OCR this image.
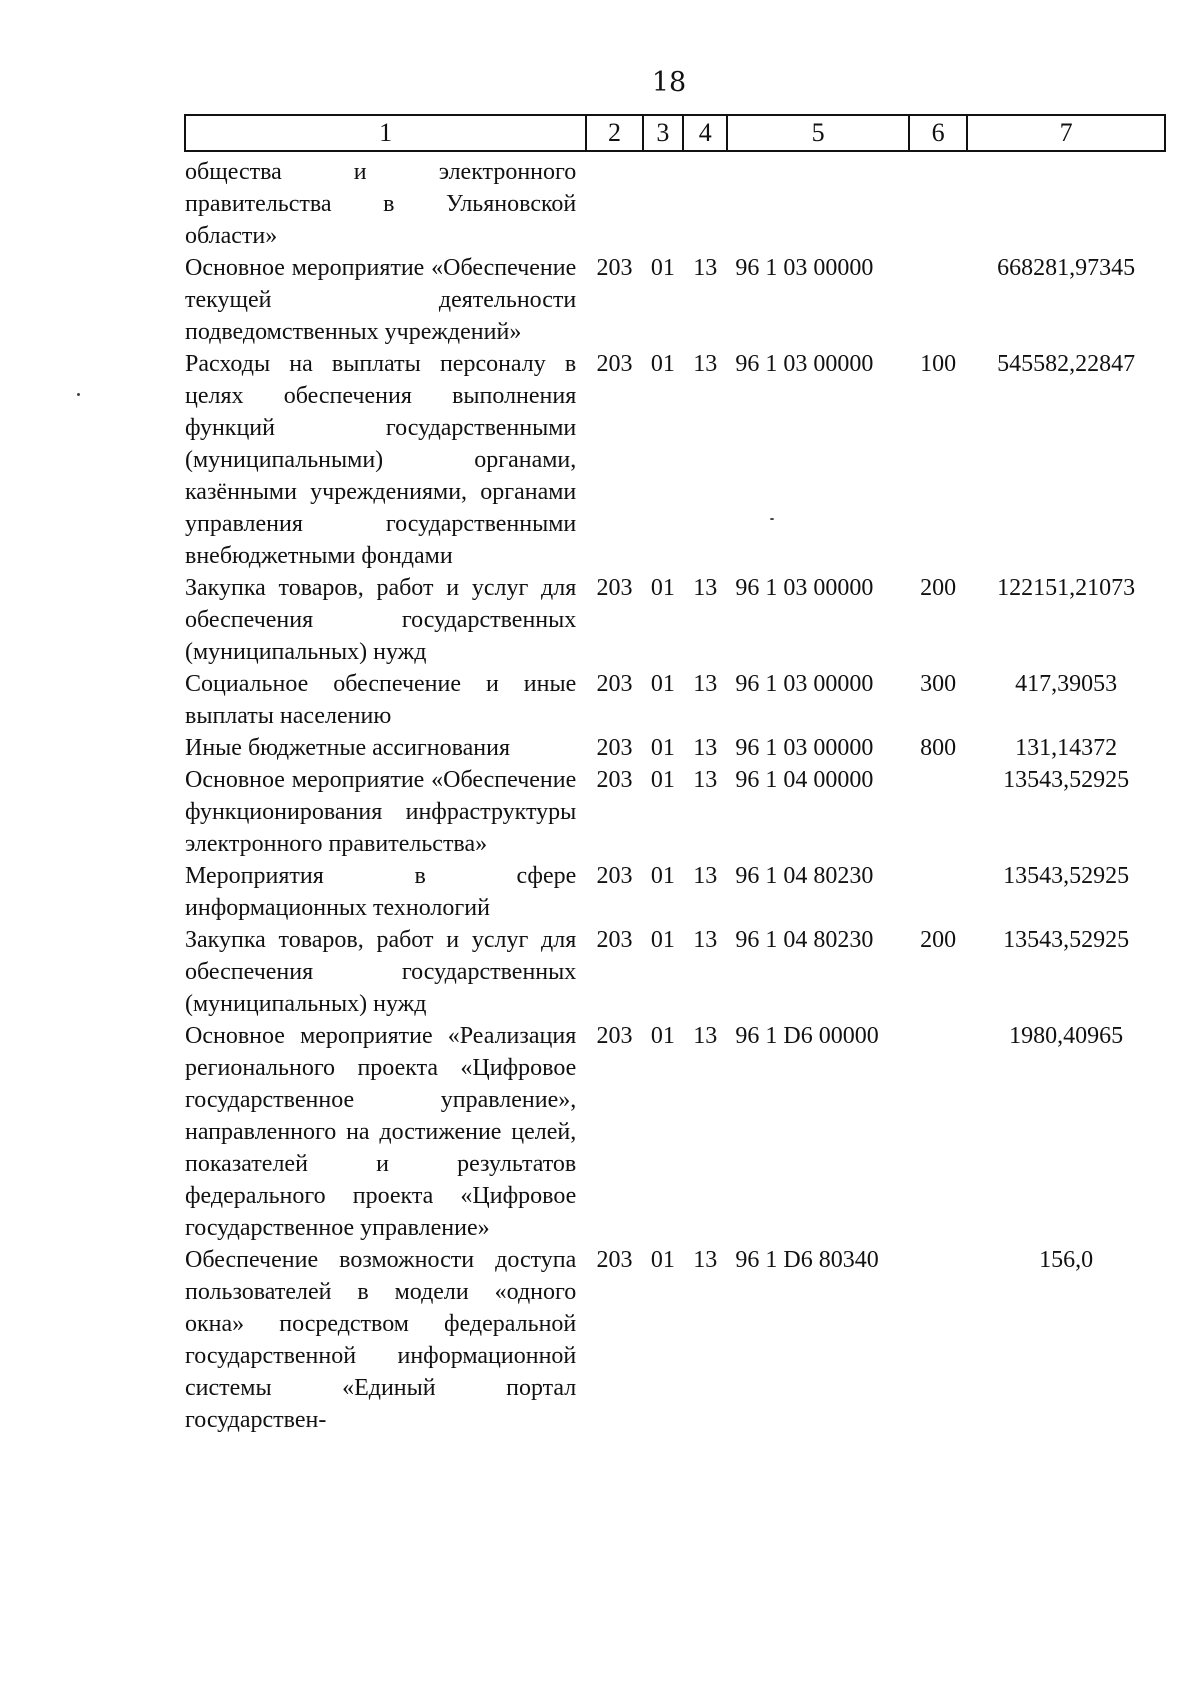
18
1	2	3	4	5	6	7
общества и электронного правительства в Ульяновской области»						
Основное мероприятие «Обеспечение текущей деятельности подведомственных учреждений»	203	01	13	96 1 03 00000		668281,97345
Расходы на выплаты персоналу в целях обеспечения выполнения функций государственными (муниципальными) органами, казёнными учреждениями, органами управления государственными внебюджетными фондами	203	01	13	96 1 03 00000	100	545582,22847
Закупка товаров, работ и услуг для обеспечения государственных (муниципальных) нужд	203	01	13	96 1 03 00000	200	122151,21073
Социальное обеспечение и иные выплаты населению	203	01	13	96 1 03 00000	300	417,39053
Иные бюджетные ассигнования	203	01	13	96 1 03 00000	800	131,14372
Основное мероприятие «Обеспечение функционирования инфраструктуры электронного правительства»	203	01	13	96 1 04 00000		13543,52925
Мероприятия в сфере информационных технологий	203	01	13	96 1 04 80230		13543,52925
Закупка товаров, работ и услуг для обеспечения государственных (муниципальных) нужд	203	01	13	96 1 04 80230	200	13543,52925
Основное мероприятие «Реализация регионального проекта «Цифровое государственное управление», направленного на достижение целей, показателей и результатов федерального проекта «Цифровое государственное управление»	203	01	13	96 1 D6 00000		1980,40965
Обеспечение возможности доступа пользователей в модели «одного окна» посредством федеральной государственной информационной системы «Единый портал государствен-	203	01	13	96 1 D6 80340		156,0
